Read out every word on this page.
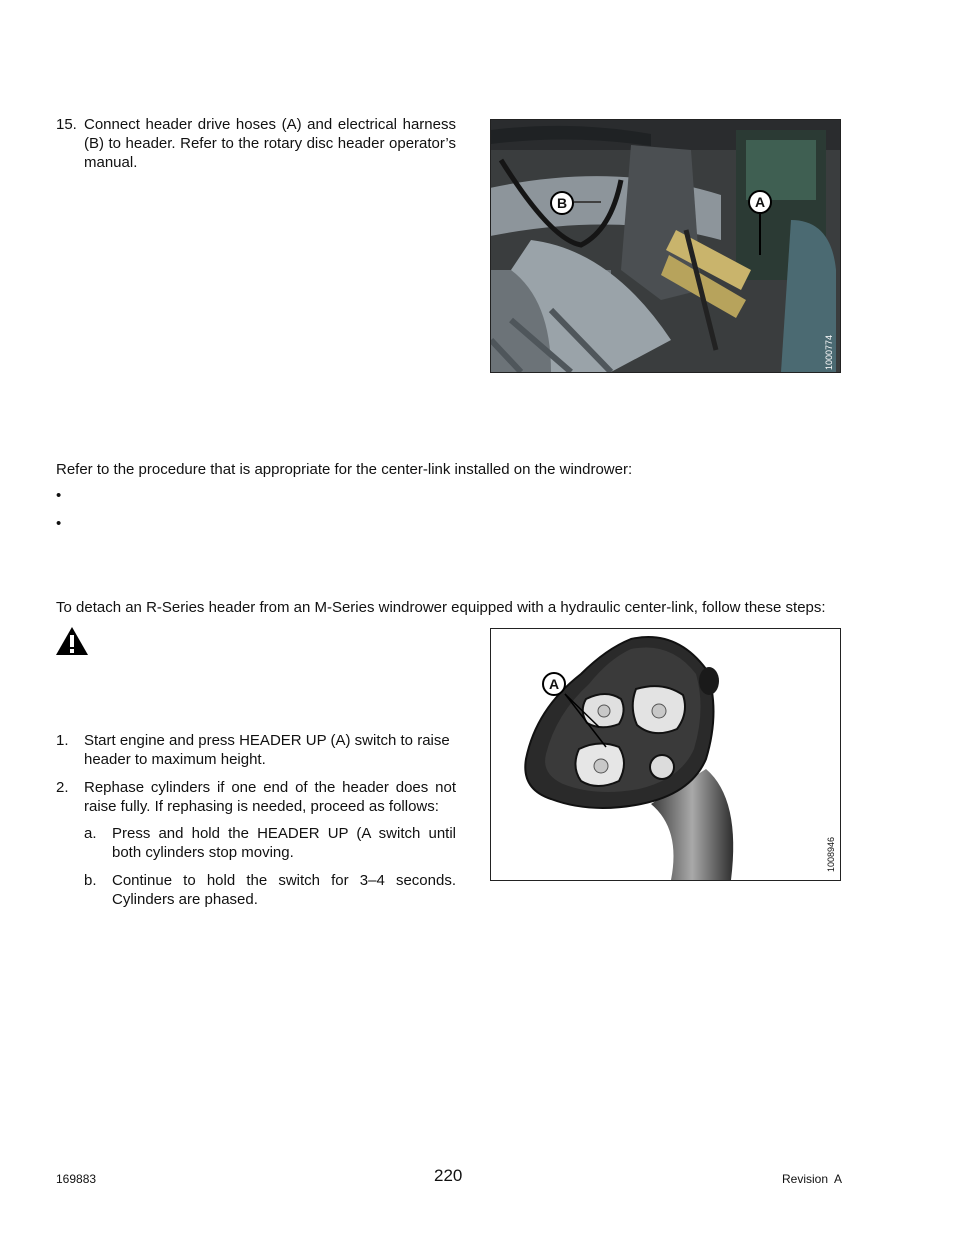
15. Connect header drive hoses (A) and electrical harness (B) to header. Refer to the rotary disc header operator’s manual.
B	A
1000774
Refer to the procedure that is appropriate for the center-link installed on the windrower:
•
•
To detach an R-Series header from an M-Series windrower equipped with a hydraulic center-link, follow these steps:
1. Start engine and press HEADER UP (A) switch to raise header to maximum height.
2. Rephase cylinders if one end of the header does not raise fully. If rephasing is needed, proceed as follows:
a. Press and hold the HEADER UP (A switch until both cylinders stop moving.
b. Continue to hold the switch for 3–4 seconds. Cylinders are phased.
A
1008946
169883	220	Revision  A
